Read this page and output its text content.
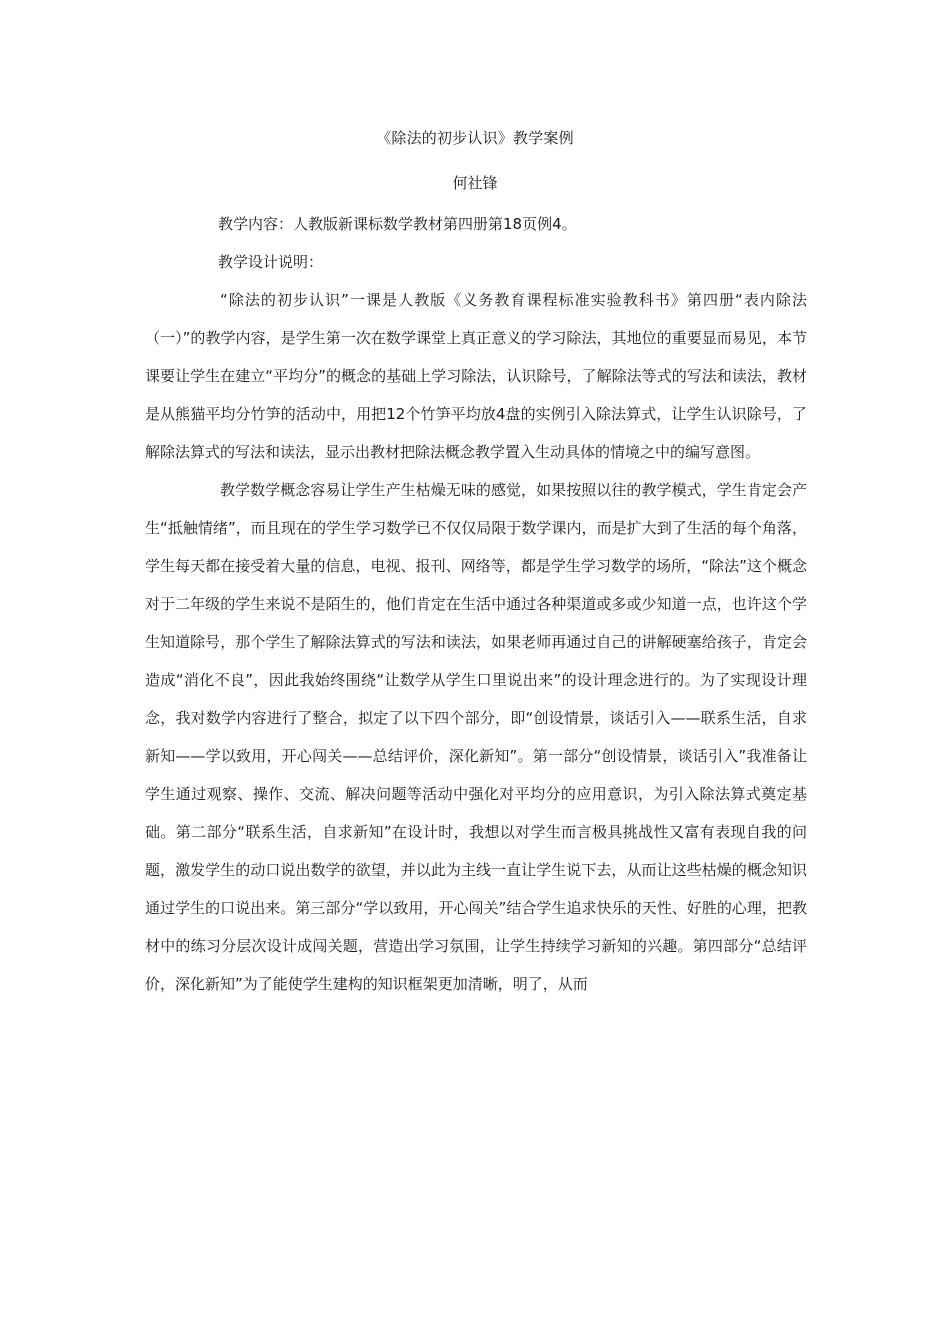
《除法的初步认识》教学案例
何社锋

教学内容：人教版新课标数学教材第四册第18页例4。

教学设计说明：

“除法的初步认识”一课是人教版《义务教育课程标准实验教科书》第四册“表内除法（一）”的教学内容，是学生第一次在数学课堂上真正意义的学习除法，其地位的重要显而易见，本节课要让学生在建立“平均分”的概念的基础上学习除法，认识除号，了解除法等式的写法和读法，教材是从熊猫平均分竹笋的活动中，用把12个竹笋平均放4盘的实例引入除法算式，让学生认识除号，了解除法算式的写法和读法，显示出教材把除法概念教学置入生动具体的情境之中的编写意图。

教学数学概念容易让学生产生枯燥无味的感觉，如果按照以往的教学模式，学生肯定会产生“抵触情绪”，而且现在的学生学习数学已不仅仅局限于数学课内，而是扩大到了生活的每个角落，学生每天都在接受着大量的信息，电视、报刊、网络等，都是学生学习数学的场所，“除法”这个概念对于二年级的学生来说不是陌生的，他们肯定在生活中通过各种渠道或多或少知道一点，也许这个学生知道除号，那个学生了解除法算式的写法和读法，如果老师再通过自己的讲解硬塞给孩子，肯定会造成“消化不良”，因此我始终围绕“让数学从学生口里说出来”的设计理念进行的。为了实现设计理念，我对数学内容进行了整合，拟定了以下四个部分，即“创设情景，谈话引入——联系生活，自求新知——学以致用，开心闯关——总结评价，深化新知”。第一部分“创设情景，谈话引入”我准备让学生通过观察、操作、交流、解决问题等活动中强化对平均分的应用意识，为引入除法算式奠定基础。第二部分“联系生活，自求新知”在设计时，我想以对学生而言极具挑战性又富有表现自我的问题，激发学生的动口说出数学的欲望，并以此为主线一直让学生说下去，从而让这些枯燥的概念知识通过学生的口说出来。第三部分“学以致用，开心闯关”结合学生追求快乐的天性、好胜的心理，把教材中的练习分层次设计成闯关题，营造出学习氛围，让学生持续学习新知的兴趣。第四部分“总结评价，深化新知”为了能使学生建构的知识框架更加清晰，明了，从而
